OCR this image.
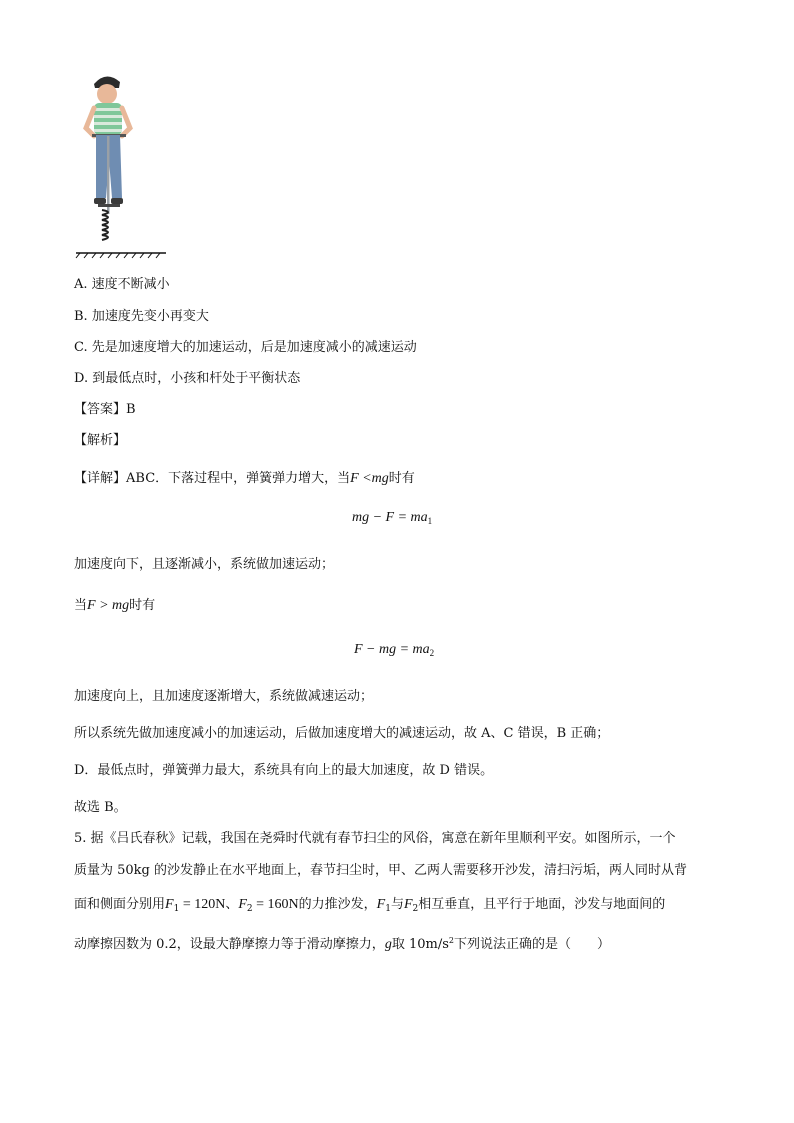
A. 速度不断减小
B. 加速度先变小再变大
C. 先是加速度增大的加速运动，后是加速度减小的减速运动
D. 到最低点时，小孩和杆处于平衡状态
【答案】B
【解析】
【详解】ABC．下落过程中，弹簧弹力增大，当F <mg时有
mg − $F = ma_1$
加速度向下，且逐渐减小，系统做加速运动；
当F > mg时有
F − mg = $ma_2$
加速度向上，且加速度逐渐增大，系统做减速运动；
所以系统先做加速度减小的加速运动，后做加速度增大的减速运动，故 A、C 错误，B 正确；
D．最低点时，弹簧弹力最大，系统具有向上的最大加速度，故 D 错误。
故选 B。
5. 据《吕氏春秋》记载，我国在尧舜时代就有春节扫尘的风俗，寓意在新年里顺利平安。如图所示，一个
质量为 50kg 的沙发静止在水平地面上，春节扫尘时，甲、乙两人需要移开沙发，清扫污垢，两人同时从背
面和侧面分别用$F_1 = 120N$、$F_2 = 160N$的力推沙发，$F_1$与$F_2$相互垂直，且平行于地面，沙发与地面间的
动摩擦因数为 0.2，设最大静摩擦力等于滑动摩擦力，g取 $10m/s^2$下列说法正确的是（　　）
